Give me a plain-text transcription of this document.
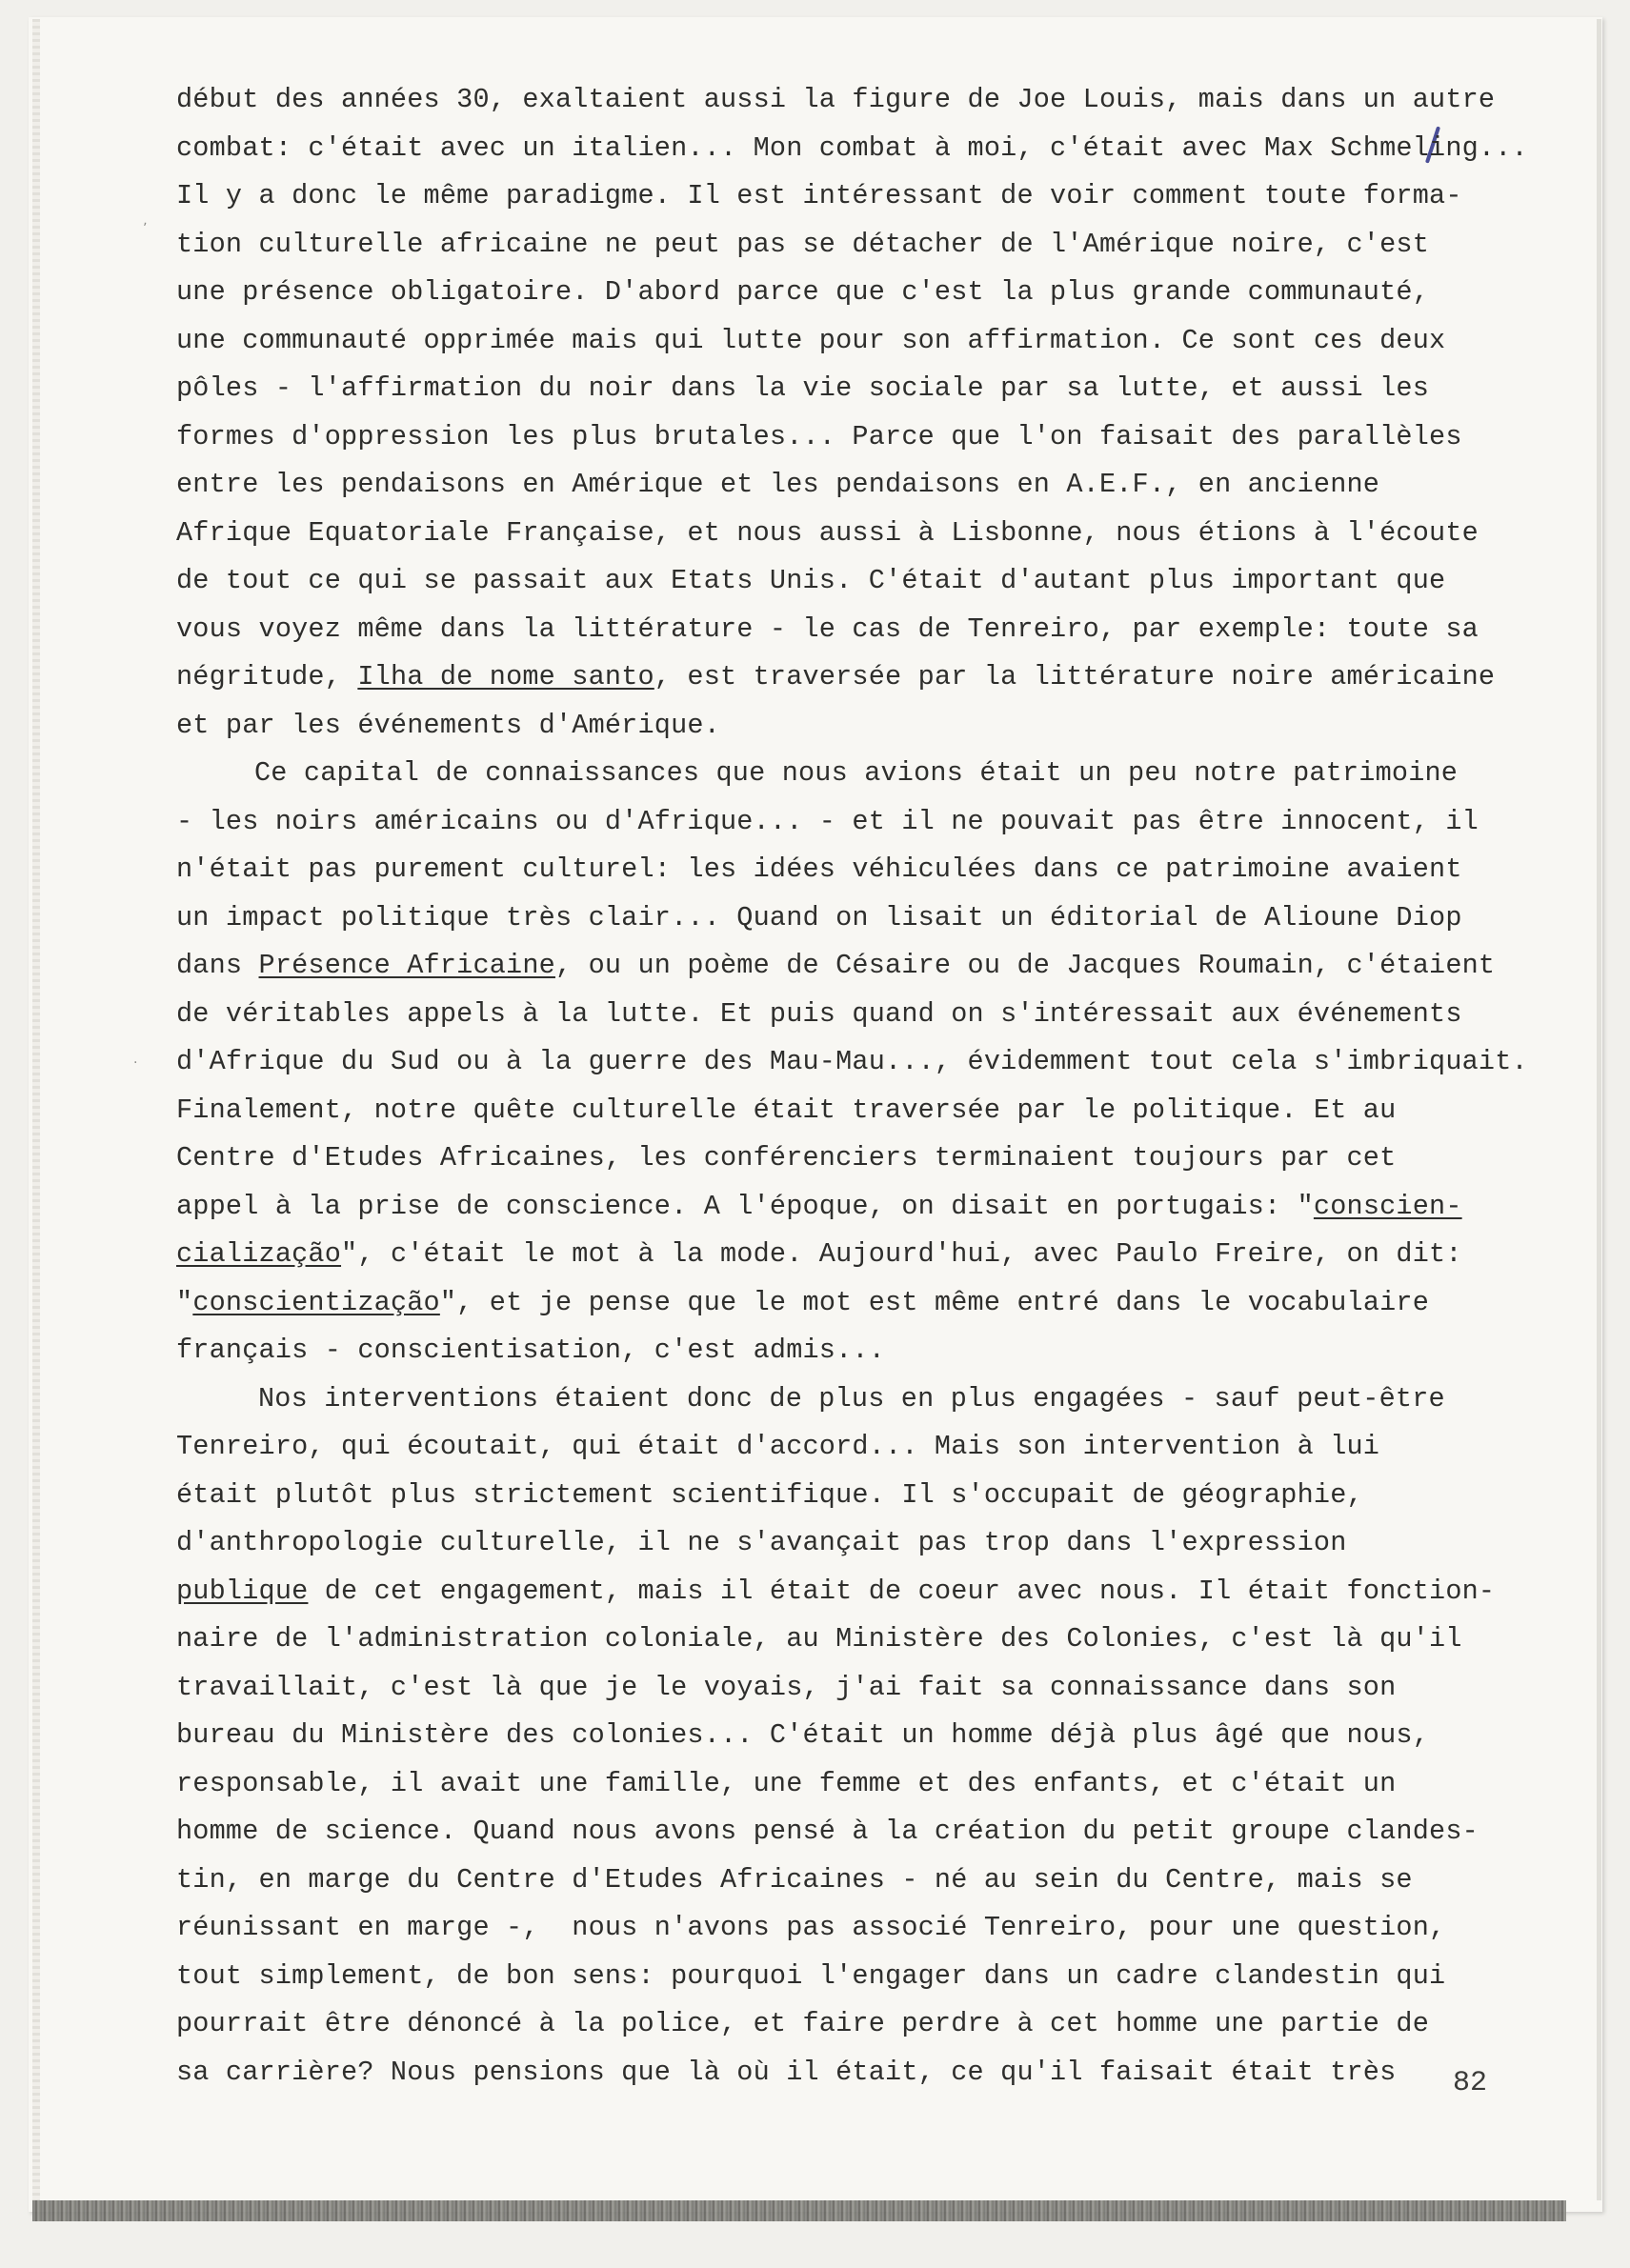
ʼ
·
début des années 30, exaltaient aussi la figure de Joe Louis, mais dans un autre
combat: c'était avec un italien... Mon combat à moi, c'était avec Max Schmeling...
Il y a donc le même paradigme. Il est intéressant de voir comment toute forma-
tion culturelle africaine ne peut pas se détacher de l'Amérique noire, c'est
une présence obligatoire. D'abord parce que c'est la plus grande communauté,
une communauté opprimée mais qui lutte pour son affirmation. Ce sont ces deux
pôles - l'affirmation du noir dans la vie sociale par sa lutte, et aussi les
formes d'oppression les plus brutales... Parce que l'on faisait des parallèles
entre les pendaisons en Amérique et les pendaisons en A.E.F., en ancienne
Afrique Equatoriale Française, et nous aussi à Lisbonne, nous étions à l'écoute
de tout ce qui se passait aux Etats Unis. C'était d'autant plus important que
vous voyez même dans la littérature - le cas de Tenreiro, par exemple: toute sa
négritude, Ilha de nome santo, est traversée par la littérature noire américaine
et par les événements d'Amérique.
Ce capital de connaissances que nous avions était un peu notre patrimoine
- les noirs américains ou d'Afrique... - et il ne pouvait pas être innocent, il
n'était pas purement culturel: les idées véhiculées dans ce patrimoine avaient
un impact politique très clair... Quand on lisait un éditorial de Alioune Diop
dans Présence Africaine, ou un poème de Césaire ou de Jacques Roumain, c'étaient
de véritables appels à la lutte. Et puis quand on s'intéressait aux événements
d'Afrique du Sud ou à la guerre des Mau-Mau..., évidemment tout cela s'imbriquait.
Finalement, notre quête culturelle était traversée par le politique. Et au
Centre d'Etudes Africaines, les conférenciers terminaient toujours par cet
appel à la prise de conscience. A l'époque, on disait en portugais: "conscien-
cialização", c'était le mot à la mode. Aujourd'hui, avec Paulo Freire, on dit:
"conscientização", et je pense que le mot est même entré dans le vocabulaire
français - conscientisation, c'est admis...
Nos interventions étaient donc de plus en plus engagées - sauf peut-être
Tenreiro, qui écoutait, qui était d'accord... Mais son intervention à lui
était plutôt plus strictement scientifique. Il s'occupait de géographie,
d'anthropologie culturelle, il ne s'avançait pas trop dans l'expression
publique de cet engagement, mais il était de coeur avec nous. Il était fonction-
naire de l'administration coloniale, au Ministère des Colonies, c'est là qu'il
travaillait, c'est là que je le voyais, j'ai fait sa connaissance dans son
bureau du Ministère des colonies... C'était un homme déjà plus âgé que nous,
responsable, il avait une famille, une femme et des enfants, et c'était un
homme de science. Quand nous avons pensé à la création du petit groupe clandes-
tin, en marge du Centre d'Etudes Africaines - né au sein du Centre, mais se
réunissant en marge -,  nous n'avons pas associé Tenreiro, pour une question,
tout simplement, de bon sens: pourquoi l'engager dans un cadre clandestin qui
pourrait être dénoncé à la police, et faire perdre à cet homme une partie de
sa carrière? Nous pensions que là où il était, ce qu'il faisait était très	82
